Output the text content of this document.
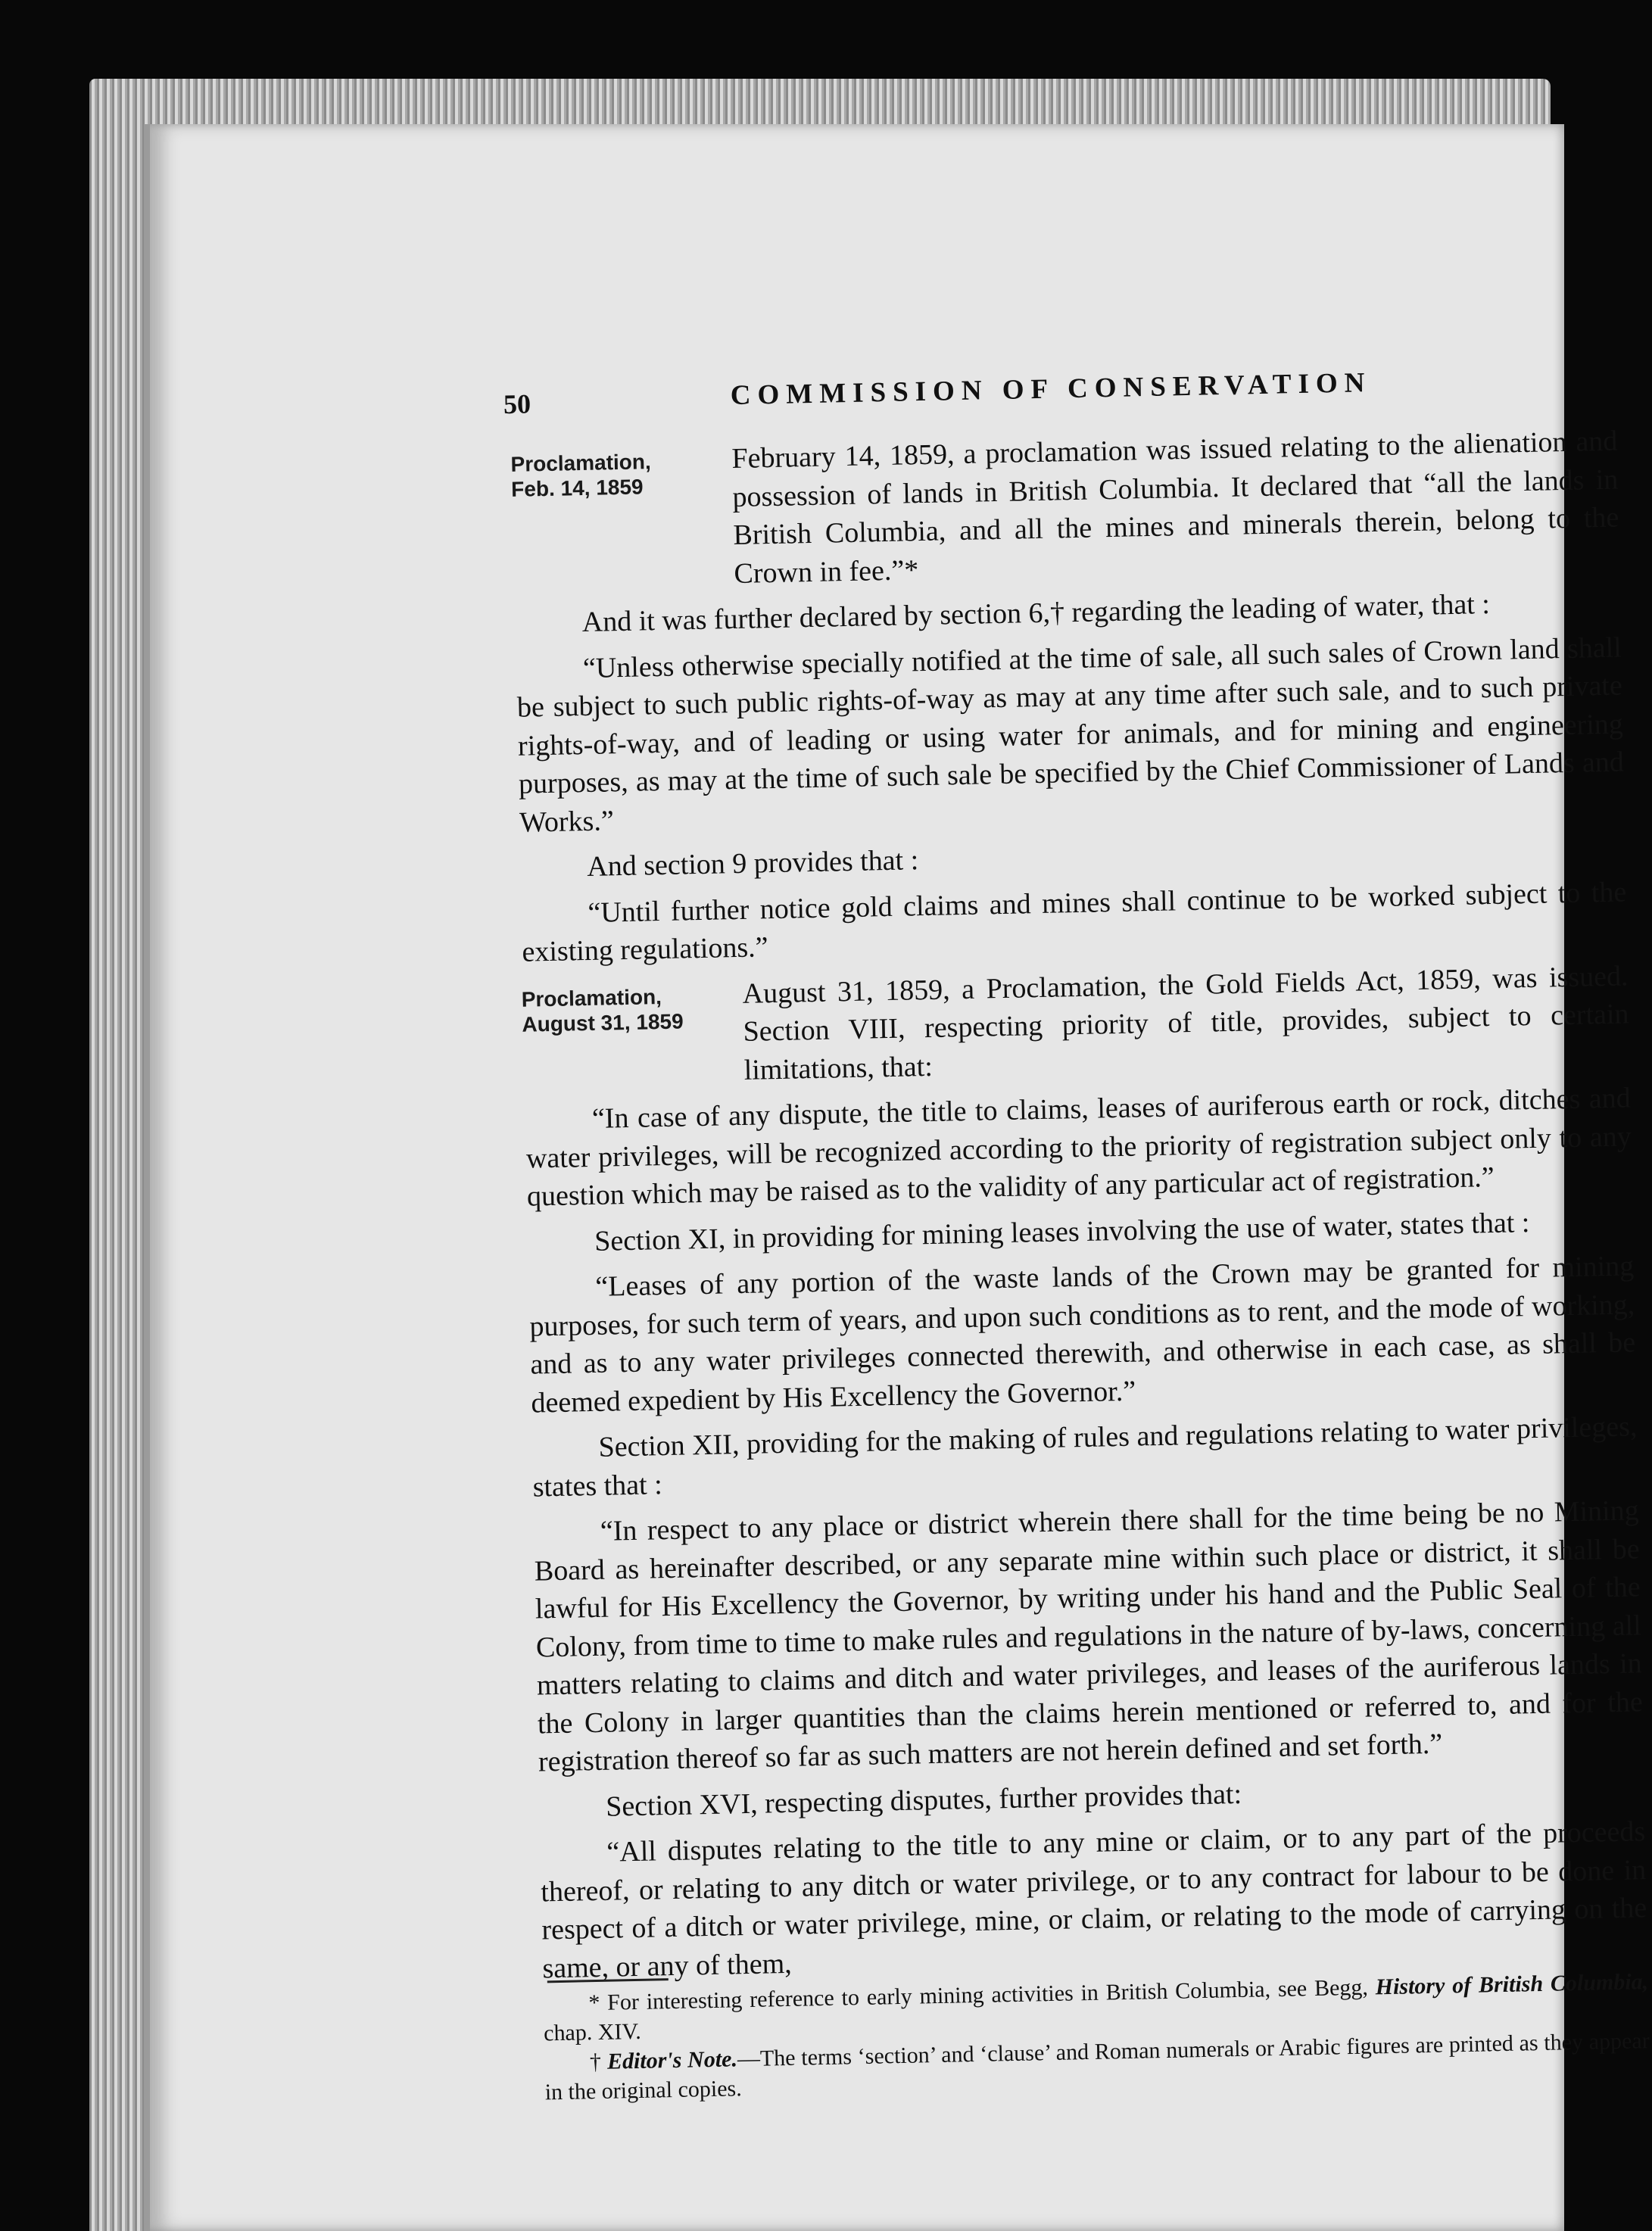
50	COMMISSION OF CONSERVATION

Proclamation,
Feb. 14, 1859
February 14, 1859, a proclamation was issued relating to the alienation and possession of lands in British Columbia. It declared that “all the lands in British Columbia, and all the mines and minerals therein, belong to the Crown in fee.”*

And it was further declared by section 6,† regarding the leading of water, that :

“Unless otherwise specially notified at the time of sale, all such sales of Crown land shall be subject to such public rights-of-way as may at any time after such sale, and to such private rights-of-way, and of leading or using water for animals, and for mining and engineering purposes, as may at the time of such sale be specified by the Chief Commissioner of Lands and Works.”

And section 9 provides that :

“Until further notice gold claims and mines shall continue to be worked subject to the existing regulations.”

Proclamation,
August 31, 1859
August 31, 1859, a Proclamation, the Gold Fields Act, 1859, was issued. Section VIII, respecting priority of title, provides, subject to certain limitations, that:

“In case of any dispute, the title to claims, leases of auriferous earth or rock, ditches and water privileges, will be recognized according to the priority of registration subject only to any question which may be raised as to the validity of any particular act of registration.”

Section XI, in providing for mining leases involving the use of water, states that :

“Leases of any portion of the waste lands of the Crown may be granted for mining purposes, for such term of years, and upon such conditions as to rent, and the mode of working, and as to any water privileges connected therewith, and otherwise in each case, as shall be deemed expedient by His Excellency the Governor.”

Section XII, providing for the making of rules and regulations relating to water privileges, states that :

“In respect to any place or district wherein there shall for the time being be no Mining Board as hereinafter described, or any separate mine within such place or district, it shall be lawful for His Excellency the Governor, by writing under his hand and the Public Seal of the Colony, from time to time to make rules and regulations in the nature of by-laws, concerning all matters relating to claims and ditch and water privileges, and leases of the auriferous lands in the Colony in larger quantities than the claims herein mentioned or referred to, and for the registration thereof so far as such matters are not herein defined and set forth.”

Section XVI, respecting disputes, further provides that:

“All disputes relating to the title to any mine or claim, or to any part of the proceeds thereof, or relating to any ditch or water privilege, or to any contract for labour to be done in respect of a ditch or water privilege, mine, or claim, or relating to the mode of carrying on the same, or any of them,

* For interesting reference to early mining activities in British Columbia, see Begg, History of British Columbia, chap. XIV.

† Editor's Note.—The terms ‘section’ and ‘clause’ and Roman numerals or Arabic figures are printed as they appear in the original copies.
